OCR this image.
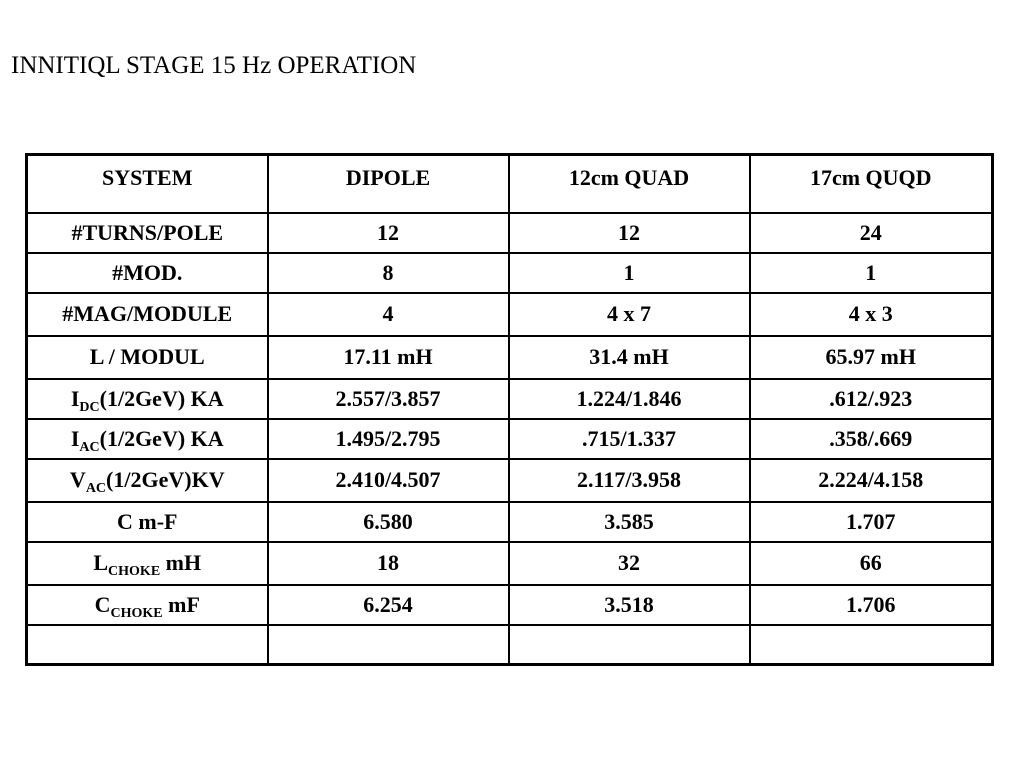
INNITIQL STAGE 15 Hz OPERATION
SYSTEM	DIPOLE	12cm QUAD	17cm QUQD
#TURNS/POLE	12	12	24
#MOD.	8	1	1
#MAG/MODULE	4	4 x 7	4 x 3
L / MODUL	17.11 mH	31.4 mH	65.97 mH
$I_{DC}(1/2GeV)$ KA	2.557/3.857	1.224/1.846	.612/.923
$I_{AC}(1/2GeV)$ KA	1.495/2.795	.715/1.337	.358/.669
$V_{AC}(1/2GeV)KV$	2.410/4.507	2.117/3.958	2.224/4.158
C m-F	6.580	3.585	1.707
$L_{CHOKE}$ mH	18	32	66
$C_{CHOKE}$ mF	6.254	3.518	1.706
